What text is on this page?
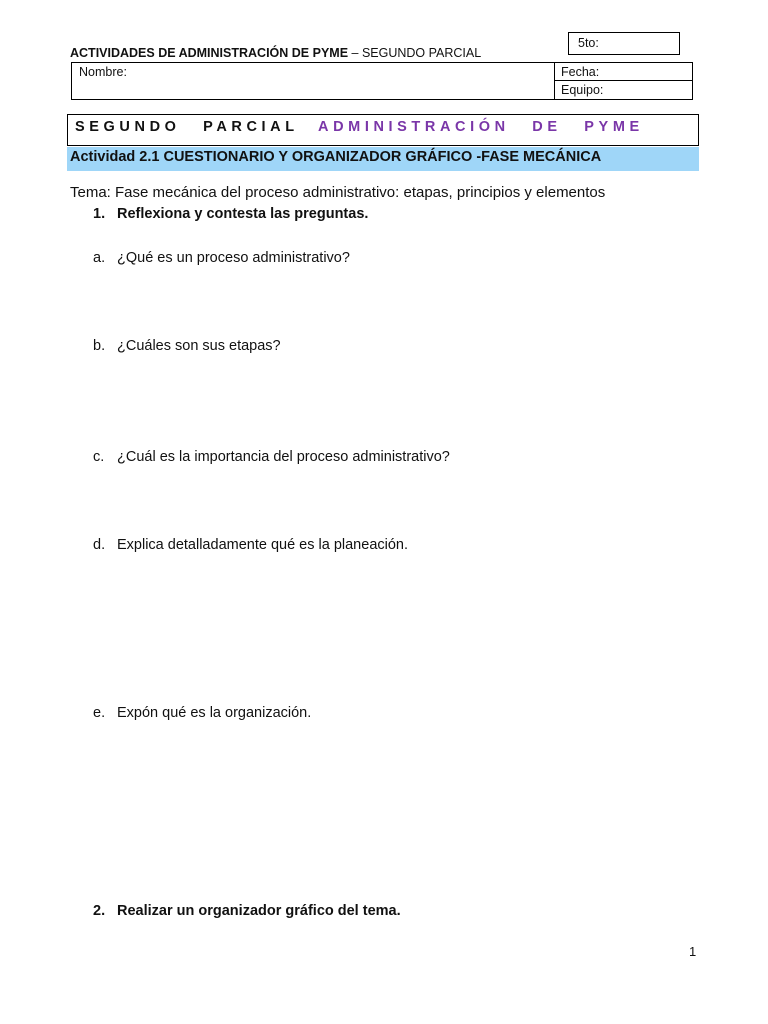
ACTIVIDADES DE ADMINISTRACIÓN DE PYME – SEGUNDO PARCIAL
5to:
Nombre:	Fecha:
Equipo:
SEGUNDO PARCIAL ADMINISTRACIÓN DE PYME
Actividad 2.1 CUESTIONARIO Y ORGANIZADOR GRÁFICO -FASE MECÁNICA
Tema: Fase mecánica del proceso administrativo: etapas, principios y elementos
1. Reflexiona y contesta las preguntas.
a. ¿Qué es un proceso administrativo?
b. ¿Cuáles son sus etapas?
c. ¿Cuál es la importancia del proceso administrativo?
d. Explica detalladamente qué es la planeación.
e. Expón qué es la organización.
2. Realizar un organizador gráfico del tema.
1
